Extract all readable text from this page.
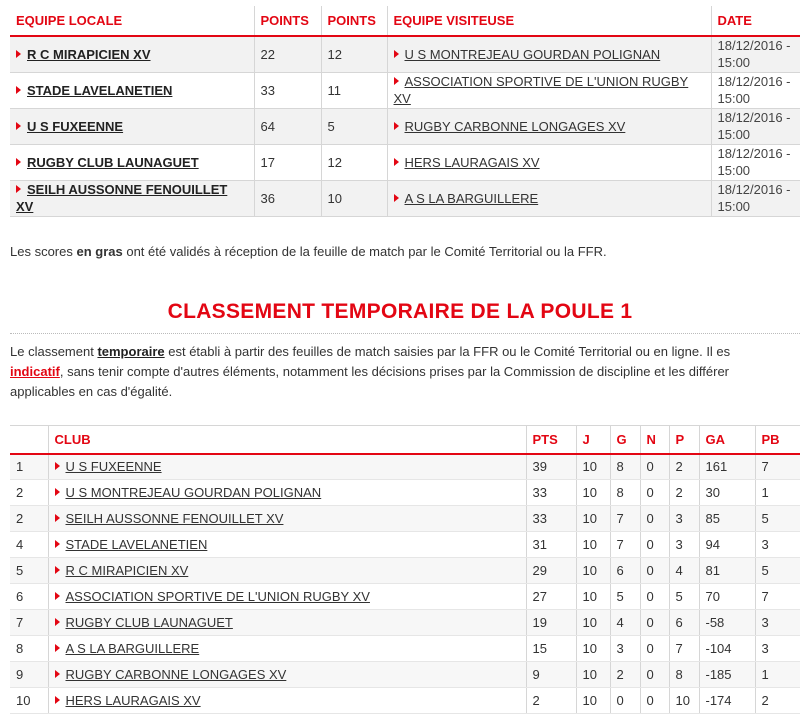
EQUIPE LOCALE	POINTS	POINTS	EQUIPE VISITEUSE	DATE
R C MIRAPICIEN XV	22	12	U S MONTREJEAU GOURDAN POLIGNAN	18/12/2016 -
15:00
STADE LAVELANETIEN	33	11	ASSOCIATION SPORTIVE DE L'UNION RUGBY XV	18/12/2016 -
15:00
U S FUXEENNE	64	5	RUGBY CARBONNE LONGAGES XV	18/12/2016 -
15:00
RUGBY CLUB LAUNAGUET	17	12	HERS LAURAGAIS XV	18/12/2016 -
15:00
SEILH AUSSONNE FENOUILLET XV	36	10	A S LA BARGUILLERE	18/12/2016 -
15:00
Les scores en gras ont été validés à réception de la feuille de match par le Comité Territorial ou la FFR.
CLASSEMENT TEMPORAIRE DE LA POULE 1
Le classement temporaire est établi à partir des feuilles de match saisies par la FFR ou le Comité Territorial ou en ligne. Il es
indicatif, sans tenir compte d'autres éléments, notamment les décisions prises par la Commission de discipline et les différer
applicables en cas d'égalité.
	CLUB	PTS	J	G	N	P	GA	PB
1	U S FUXEENNE	39	10	8	0	2	161	7
2	U S MONTREJEAU GOURDAN POLIGNAN	33	10	8	0	2	30	1
2	SEILH AUSSONNE FENOUILLET XV	33	10	7	0	3	85	5
4	STADE LAVELANETIEN	31	10	7	0	3	94	3
5	R C MIRAPICIEN XV	29	10	6	0	4	81	5
6	ASSOCIATION SPORTIVE DE L'UNION RUGBY XV	27	10	5	0	5	70	7
7	RUGBY CLUB LAUNAGUET	19	10	4	0	6	-58	3
8	A S LA BARGUILLERE	15	10	3	0	7	-104	3
9	RUGBY CARBONNE LONGAGES XV	9	10	2	0	8	-185	1
10	HERS LAURAGAIS XV	2	10	0	0	10	-174	2
